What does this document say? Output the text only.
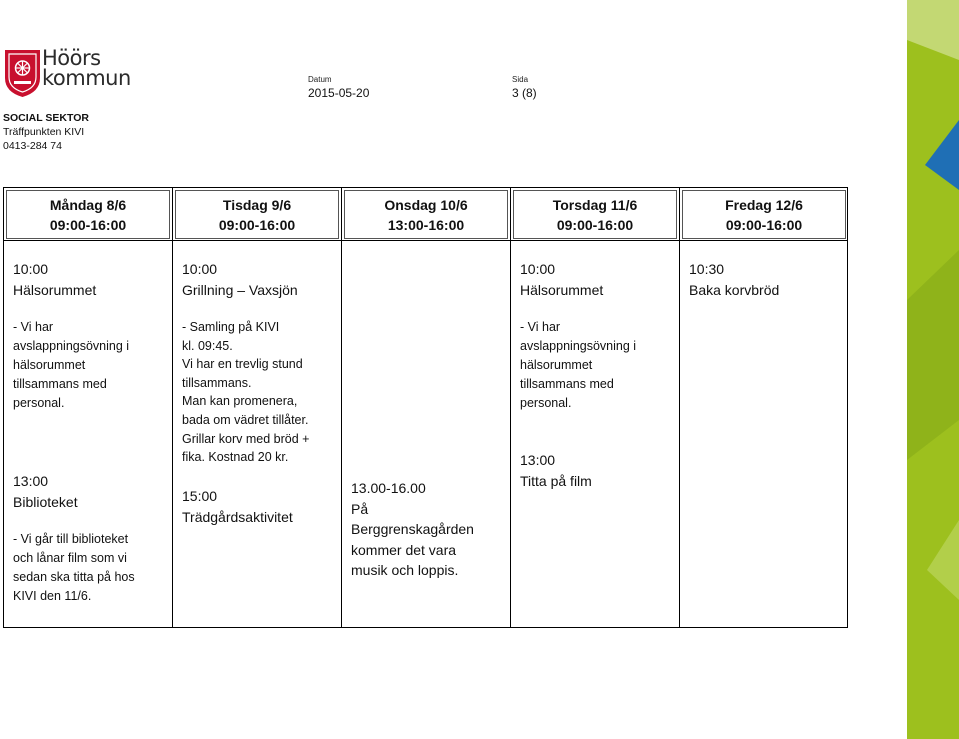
Höörs
kommun	Datum
2015-05-20
Sida
3 (8)
SOCIAL SEKTOR
Träffpunkten KIVI
0413-284 74
Måndag 8/6
09:00-16:00
Tisdag 9/6
09:00-16:00
Onsdag 10/6
13:00-16:00
Torsdag 11/6
09:00-16:00
Fredag 12/6
09:00-16:00
10:00
Hälsorummet
- Vi har
avslappningsövning i
hälsorummet
tillsammans med
personal.
13:00
Biblioteket
- Vi går till biblioteket
och lånar film som vi
sedan ska titta på hos
KIVI den 11/6.
10:00
Grillning – Vaxsjön
- Samling på KIVI
kl. 09:45.
Vi har en trevlig stund
tillsammans.
Man kan promenera,
bada om vädret tillåter.
Grillar korv med bröd +
fika. Kostnad 20 kr.
15:00
Trädgårdsaktivitet
13.00-16.00
På
Berggrenskagården
kommer det vara
musik och loppis.
10:00
Hälsorummet
- Vi har
avslappningsövning i
hälsorummet
tillsammans med
personal.
13:00
Titta på film
10:30
Baka korvbröd
